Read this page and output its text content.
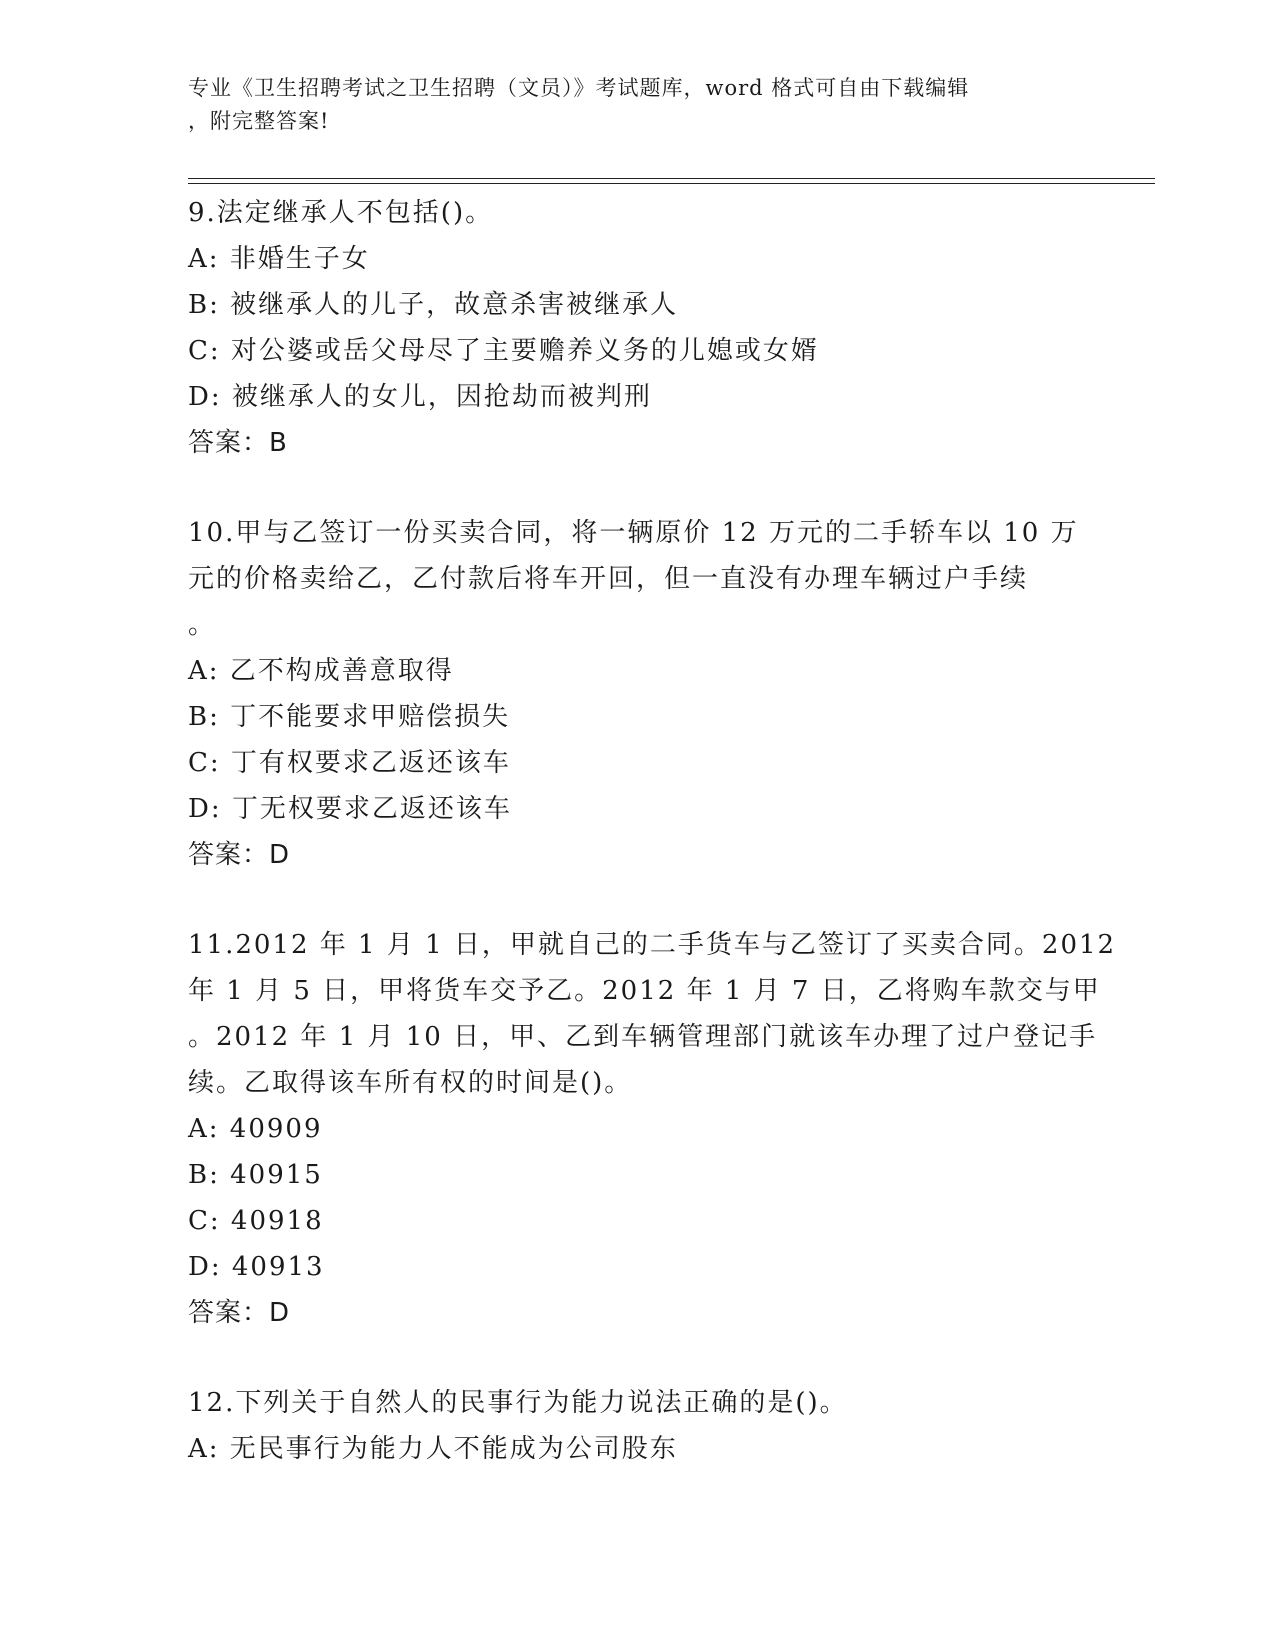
专业《卫生招聘考试之卫生招聘（文员）》考试题库，word 格式可自由下载编辑
，附完整答案!
9.法定继承人不包括()。
A: 非婚生子女
B: 被继承人的儿子，故意杀害被继承人
C: 对公婆或岳父母尽了主要赡养义务的儿媳或女婿
D: 被继承人的女儿，因抢劫而被判刑
答案：B
10.甲与乙签订一份买卖合同，将一辆原价 12 万元的二手轿车以 10 万
元的价格卖给乙，乙付款后将车开回，但一直没有办理车辆过户手续
。
A: 乙不构成善意取得
B: 丁不能要求甲赔偿损失
C: 丁有权要求乙返还该车
D: 丁无权要求乙返还该车
答案：D
11.2012 年 1 月 1 日，甲就自己的二手货车与乙签订了买卖合同。2012
年 1 月 5 日，甲将货车交予乙。2012 年 1 月 7 日，乙将购车款交与甲
。2012 年 1 月 10 日，甲、乙到车辆管理部门就该车办理了过户登记手
续。乙取得该车所有权的时间是()。
A: 40909
B: 40915
C: 40918
D: 40913
答案：D
12.下列关于自然人的民事行为能力说法正确的是()。
A: 无民事行为能力人不能成为公司股东
